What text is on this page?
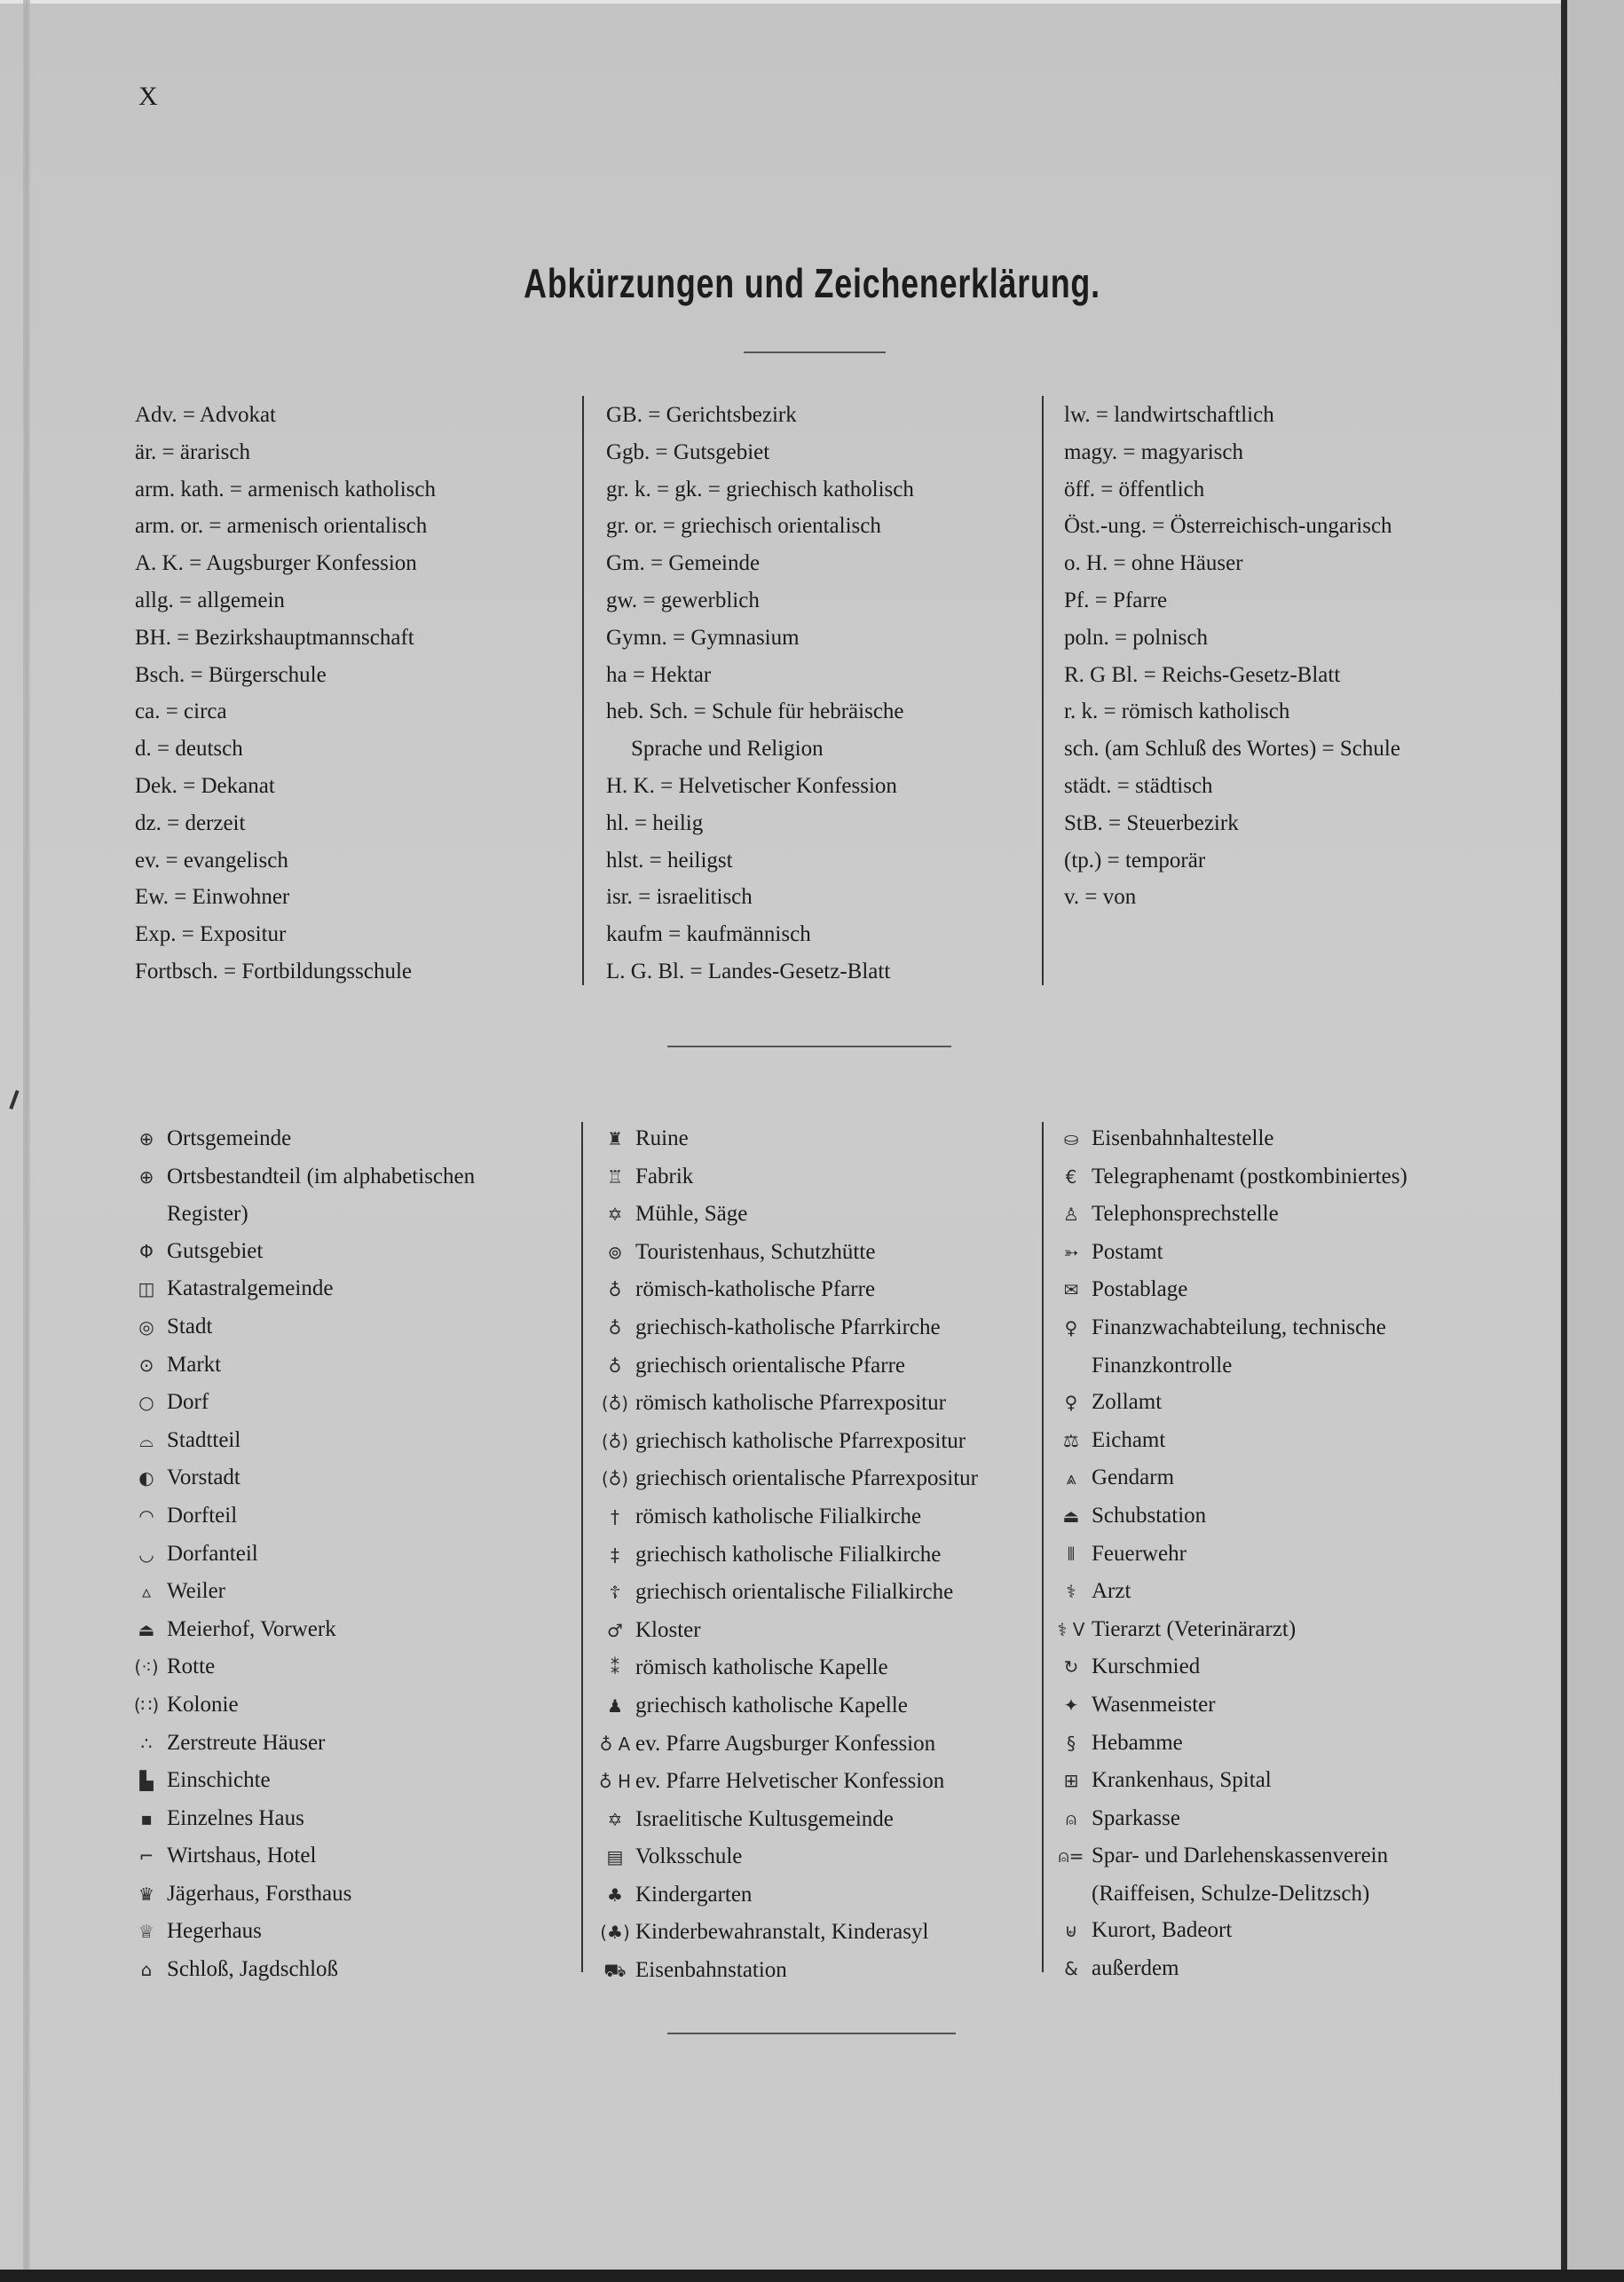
X
Abkürzungen und Zeichenerklärung.
Adv. = Advokat
är. = ärarisch
arm. kath. = armenisch katholisch
arm. or. = armenisch orientalisch
A. K. = Augsburger Konfession
allg. = allgemein
BH. = Bezirkshauptmannschaft
Bsch. = Bürgerschule
ca. = circa
d. = deutsch
Dek. = Dekanat
dz. = derzeit
ev. = evangelisch
Ew. = Einwohner
Exp. = Expositur
Fortbsch. = Fortbildungsschule
GB. = Gerichtsbezirk
Ggb. = Gutsgebiet
gr. k. = gk. = griechisch katholisch
gr. or. = griechisch orientalisch
Gm. = Gemeinde
gw. = gewerblich
Gymn. = Gymnasium
ha = Hektar
heb. Sch. = Schule für hebräische
Sprache und Religion
H. K. = Helvetischer Konfession
hl. = heilig
hlst. = heiligst
isr. = israelitisch
kaufm = kaufmännisch
L. G. Bl. = Landes-Gesetz-Blatt
lw. = landwirtschaftlich
magy. = magyarisch
öff. = öffentlich
Öst.-ung. = Österreichisch-ungarisch
o. H. = ohne Häuser
Pf. = Pfarre
poln. = polnisch
R. G Bl. = Reichs-Gesetz-Blatt
r. k. = römisch katholisch
sch. (am Schluß des Wortes) = Schule
städt. = städtisch
StB. = Steuerbezirk
(tp.) = temporär
v. = von
⊕ Ortsgemeinde
⊕ Ortsbestandteil (im alphabetischen
Register)
Φ Gutsgebiet
◫ Katastralgemeinde
◎ Stadt
⊙ Markt
○ Dorf
⌓ Stadtteil
◐ Vorstadt
◠ Dorfteil
◡ Dorfanteil
▵ Weiler
⏏ Meierhof, Vorwerk
(⁖) Rotte
(∷) Kolonie
∴ Zerstreute Häuser
▙ Einschichte
▪ Einzelnes Haus
⌐ Wirtshaus, Hotel
♛ Jägerhaus, Forsthaus
♕ Hegerhaus
⌂ Schloß, Jagdschloß
♜ Ruine
♖ Fabrik
✡ Mühle, Säge
⊚ Touristenhaus, Schutzhütte
♁ römisch-katholische Pfarre
♁ griechisch-katholische Pfarrkirche
♁ griechisch orientalische Pfarre
(♁) römisch katholische Pfarrexpositur
(♁) griechisch katholische Pfarrexpositur
(♁) griechisch orientalische Pfarrexpositur
† römisch katholische Filialkirche
‡ griechisch katholische Filialkirche
☦ griechisch orientalische Filialkirche
♂ Kloster
⁑ römisch katholische Kapelle
♟ griechisch katholische Kapelle
♁ A ev. Pfarre Augsburger Konfession
♁ H ev. Pfarre Helvetischer Konfession
✡ Israelitische Kultusgemeinde
▤ Volksschule
♣ Kindergarten
(♣) Kinderbewahranstalt, Kinderasyl
⛟ Eisenbahnstation
⛀ Eisenbahnhaltestelle
€ Telegraphenamt (postkombiniertes)
♙ Telephonsprechstelle
➳ Postamt
✉ Postablage
♀ Finanzwachabteilung, technische
Finanzkontrolle
♀ Zollamt
⚖ Eichamt
⩓ Gendarm
⏏ Schubstation
⫴ Feuerwehr
⚕ Arzt
⚕ V Tierarzt (Veterinärarzt)
↻ Kurschmied
✦ Wasenmeister
§ Hebamme
⊞ Krankenhaus, Spital
⍝ Sparkasse
⍝= Spar- und Darlehenskassenverein
(Raiffeisen, Schulze-Delitzsch)
⊌ Kurort, Badeort
& außerdem
